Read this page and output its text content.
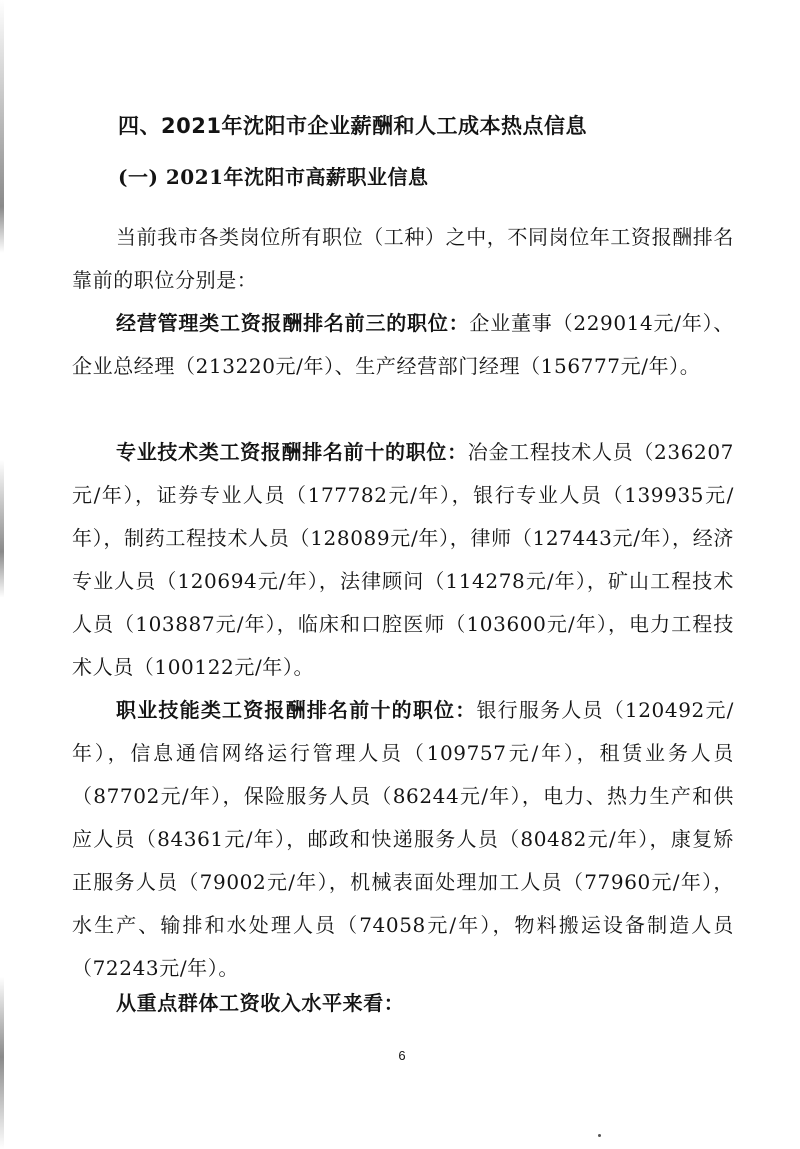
四、2021年沈阳市企业薪酬和人工成本热点信息
(一) 2021年沈阳市高薪职业信息

当前我市各类岗位所有职位（工种）之中，不同岗位年工资报酬排名靠前的职位分别是：

经营管理类工资报酬排名前三的职位：企业董事（229014元/年）、企业总经理（213220元/年）、生产经营部门经理（156777元/年）。

专业技术类工资报酬排名前十的职位：冶金工程技术人员（236207元/年），证券专业人员（177782元/年），银行专业人员（139935元/年），制药工程技术人员（128089元/年），律师（127443元/年），经济专业人员（120694元/年），法律顾问（114278元/年），矿山工程技术人员（103887元/年），临床和口腔医师（103600元/年），电力工程技术人员（100122元/年）。

职业技能类工资报酬排名前十的职位：银行服务人员（120492元/年），信息通信网络运行管理人员（109757元/年），租赁业务人员（87702元/年），保险服务人员（86244元/年），电力、热力生产和供应人员（84361元/年），邮政和快递服务人员（80482元/年），康复矫正服务人员（79002元/年），机械表面处理加工人员（77960元/年），水生产、输排和水处理人员（74058元/年），物料搬运设备制造人员（72243元/年）。

从重点群体工资收入水平来看：

6
